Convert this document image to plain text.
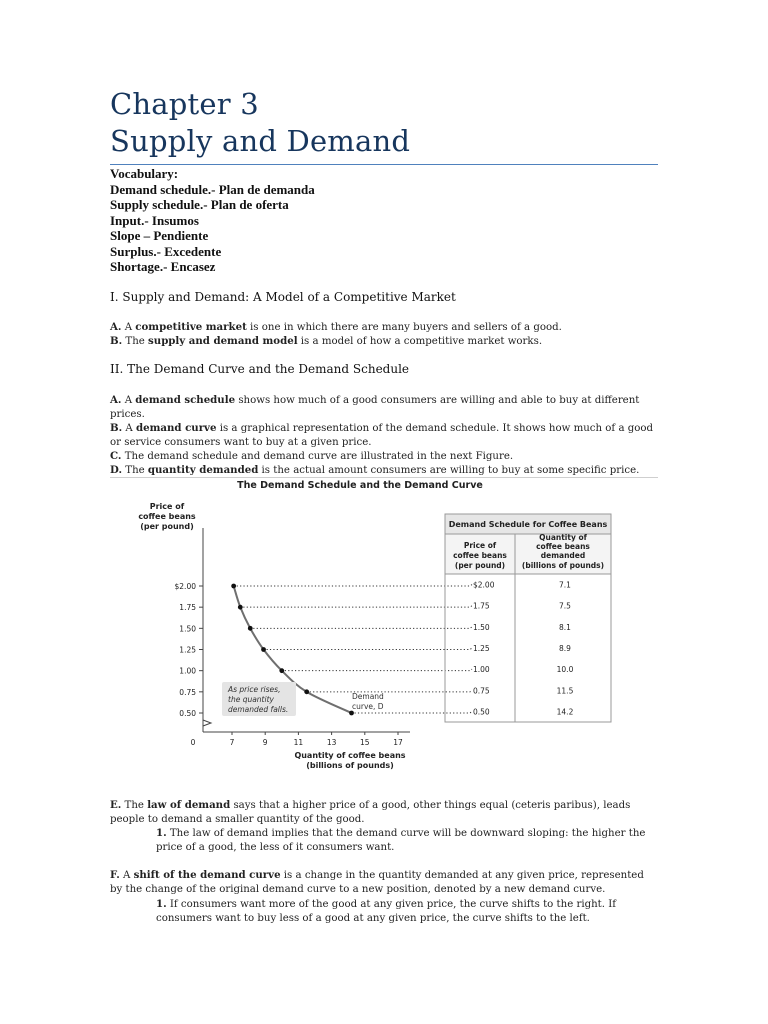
Chapter 3
Supply and Demand
Vocabulary:
Demand schedule.- Plan de demanda
Supply schedule.- Plan de oferta
Input.- Insumos
Slope – Pendiente
Surplus.- Excedente
Shortage.- Encasez
I. Supply and Demand: A Model of a Competitive Market
A. A competitive market is one in which there are many buyers and sellers of a good.
B. The supply and demand model is a model of how a competitive market works.
II. The Demand Curve and the Demand Schedule
A. A demand schedule shows how much of a good consumers are willing and able to buy at different prices.
B. A demand curve is a graphical representation of the demand schedule. It shows how much of a good or service consumers want to buy at a given price.
C. The demand schedule and demand curve are illustrated in the next Figure.
D. The quantity demanded is the actual amount consumers are willing to buy at some specific price.
The Demand Schedule and the Demand Curve
Price of
coffee beans
(per pound)
Quantity of coffee beans
(billions of pounds)
$2.00
1.75
1.50
1.25
1.00
0.75
0.50
0	7	9	11	13	15	17
As price rises,
the quantity
demanded falls.
Demand
curve, D
Demand Schedule for Coffee Beans
Price of
coffee beans
(per pound)
Quantity of
coffee beans
demanded
(billions of pounds)
$2.00	7.1
1.75	7.5
1.50	8.1
1.25	8.9
1.00	10.0
0.75	11.5
0.50	14.2
E. The law of demand says that a higher price of a good, other things equal (ceteris paribus), leads people to demand a smaller quantity of the good.
1. The law of demand implies that the demand curve will be downward sloping: the higher the price of a good, the less of it consumers want.
F. A shift of the demand curve is a change in the quantity demanded at any given price, represented by the change of the original demand curve to a new position, denoted by a new demand curve.
1. If consumers want more of the good at any given price, the curve shifts to the right. If consumers want to buy less of a good at any given price, the curve shifts to the left.
